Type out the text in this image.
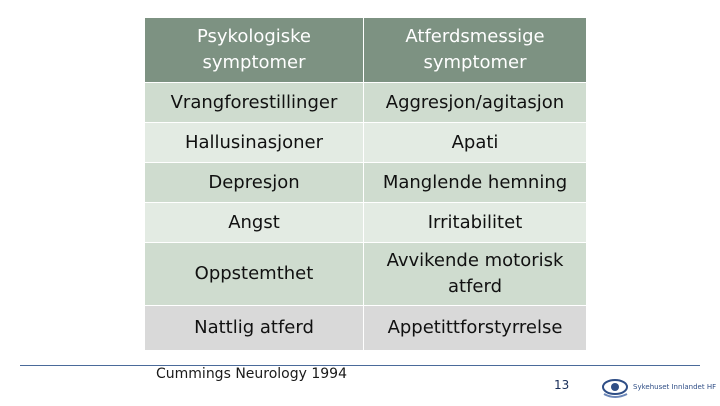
Psykologiske symptomer	Atferdsmessige symptomer
Vrangforestillinger	Aggresjon/agitasjon
Hallusinasjoner	Apati
Depresjon	Manglende hemning
Angst	Irritabilitet
Oppstemthet	Avvikende motorisk atferd
Nattlig atferd	Appetittforstyrrelse
Cummings Neurology 1994
13	Sykehuset Innlandet HF
